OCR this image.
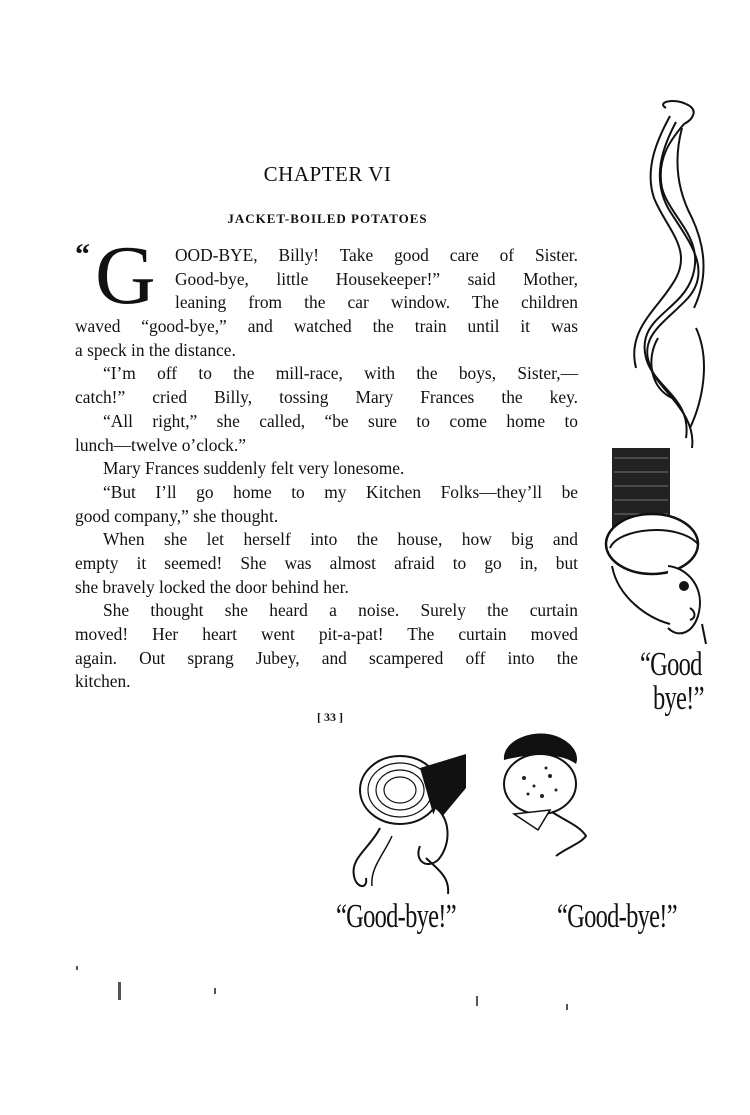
CHAPTER VI
JACKET-BOILED POTATOES
“ G OOD-BYE, Billy! Take good care of Sister.
Good-bye, little Housekeeper!” said Mother,
leaning from the car window. The children
waved “good-bye,” and watched the train until it was
a speck in the distance.
“I’m off to the mill-race, with the boys, Sister,—
catch!” cried Billy, tossing Mary Frances the key.
“All right,” she called, “be sure to come home to
lunch—twelve o’clock.”
Mary Frances suddenly felt very lonesome.
“But I’ll go home to my Kitchen Folks—they’ll be
good company,” she thought.
When she let herself into the house, how big and
empty it seemed! She was almost afraid to go in, but
she bravely locked the door behind her.
She thought she heard a noise. Surely the curtain
moved! Her heart went pit-a-pat! The curtain moved
again. Out sprang Jubey, and scampered off into the
kitchen.
[ 33 ]
“Good
bye!”
“Good-bye!”	“Good-bye!”
